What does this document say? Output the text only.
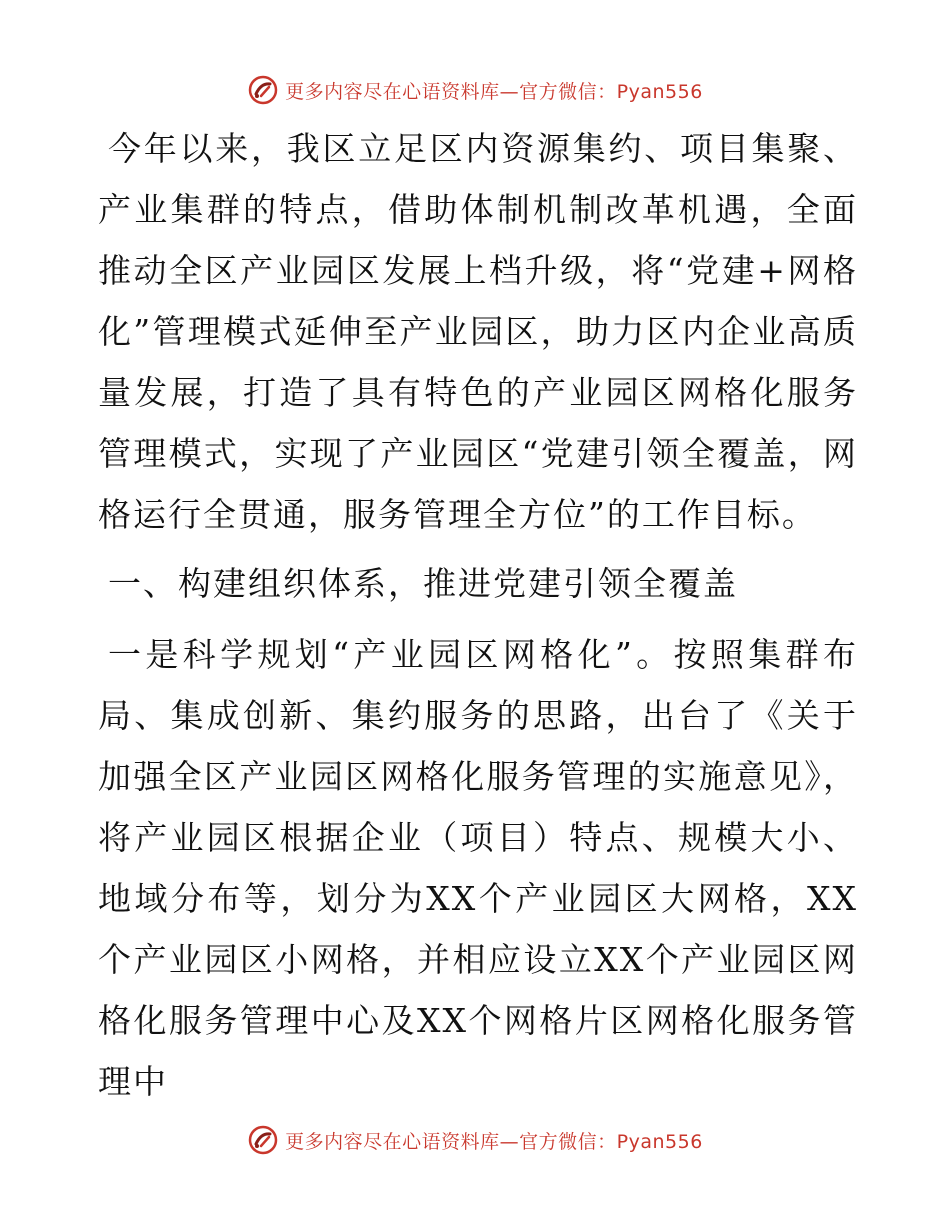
更多内容尽在心语资料库—官方微信：Pyan556

今年以来，我区立足区内资源集约、项目集聚、产业集群的特点，借助体制机制改革机遇，全面推动全区产业园区发展上档升级，将“党建+网格化”管理模式延伸至产业园区，助力区内企业高质量发展，打造了具有特色的产业园区网格化服务管理模式，实现了产业园区“党建引领全覆盖，网格运行全贯通，服务管理全方位”的工作目标。

一、构建组织体系，推进党建引领全覆盖

一是科学规划“产业园区网格化”。按照集群布局、集成创新、集约服务的思路，出台了《关于加强全区产业园区网格化服务管理的实施意见》，将产业园区根据企业（项目）特点、规模大小、地域分布等，划分为XX个产业园区大网格，XX个产业园区小网格，并相应设立XX个产业园区网格化服务管理中心及XX个网格片区网格化服务管理中

更多内容尽在心语资料库—官方微信：Pyan556
